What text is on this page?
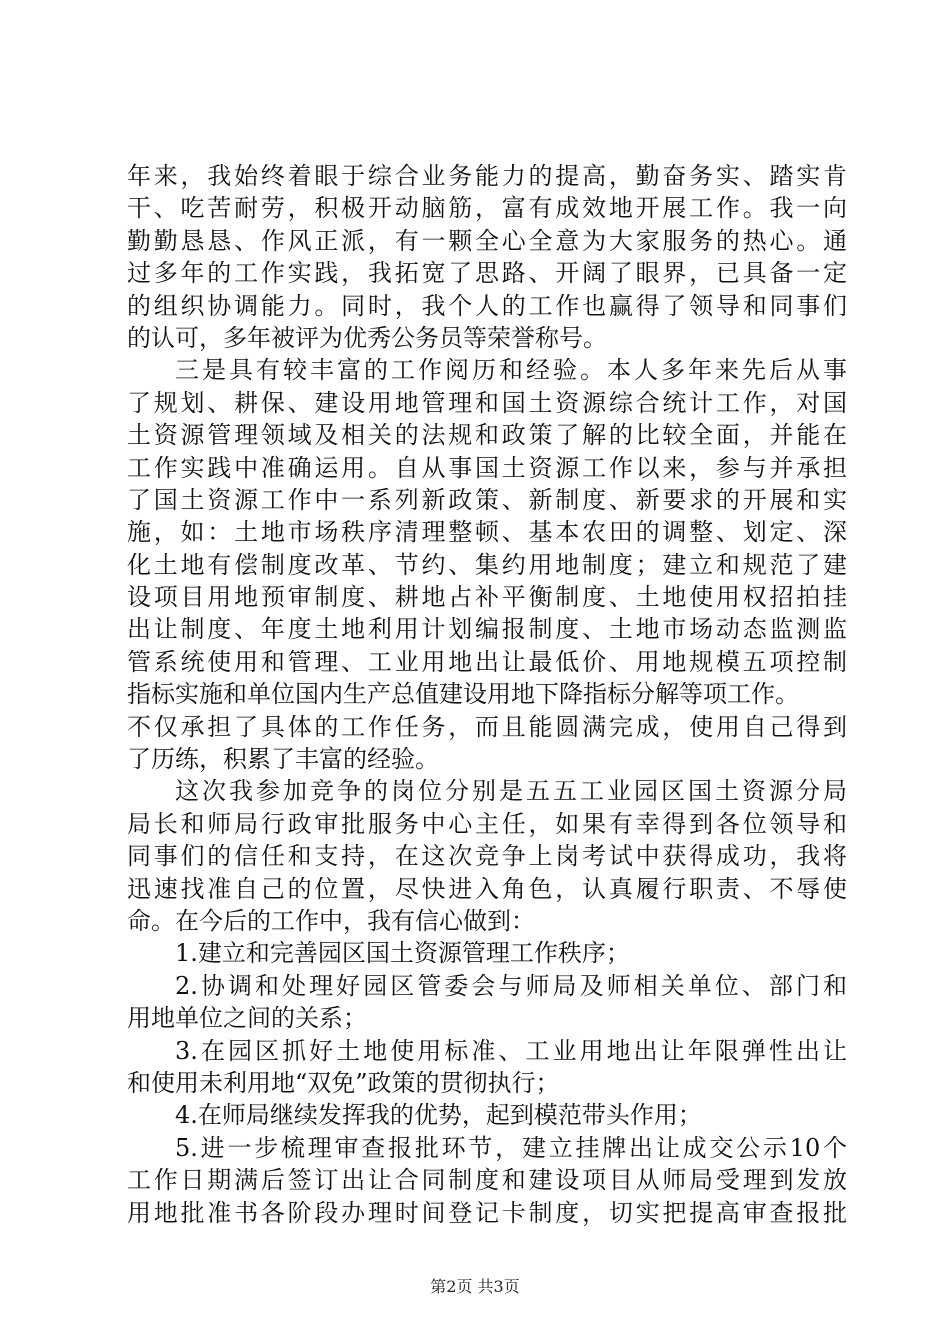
年来，我始终着眼于综合业务能力的提高，勤奋务实、踏实肯
干、吃苦耐劳，积极开动脑筋，富有成效地开展工作。我一向
勤勤恳恳、作风正派，有一颗全心全意为大家服务的热心。通
过多年的工作实践，我拓宽了思路、开阔了眼界，已具备一定
的组织协调能力。同时，我个人的工作也赢得了领导和同事们
的认可，多年被评为优秀公务员等荣誉称号。
三是具有较丰富的工作阅历和经验。本人多年来先后从事
了规划、耕保、建设用地管理和国土资源综合统计工作，对国
土资源管理领域及相关的法规和政策了解的比较全面，并能在
工作实践中准确运用。自从事国土资源工作以来，参与并承担
了国土资源工作中一系列新政策、新制度、新要求的开展和实
施，如：土地市场秩序清理整顿、基本农田的调整、划定、深
化土地有偿制度改革、节约、集约用地制度；建立和规范了建
设项目用地预审制度、耕地占补平衡制度、土地使用权招拍挂
出让制度、年度土地利用计划编报制度、土地市场动态监测监
管系统使用和管理、工业用地出让最低价、用地规模五项控制
指标实施和单位国内生产总值建设用地下降指标分解等项工作。
不仅承担了具体的工作任务，而且能圆满完成，使用自己得到
了历练，积累了丰富的经验。
这次我参加竞争的岗位分别是五五工业园区国土资源分局
局长和师局行政审批服务中心主任，如果有幸得到各位领导和
同事们的信任和支持，在这次竞争上岗考试中获得成功，我将
迅速找准自己的位置，尽快进入角色，认真履行职责、不辱使
命。在今后的工作中，我有信心做到：
1.建立和完善园区国土资源管理工作秩序；
2.协调和处理好园区管委会与师局及师相关单位、部门和
用地单位之间的关系；
3.在园区抓好土地使用标准、工业用地出让年限弹性出让
和使用未利用地“双免”政策的贯彻执行；
4.在师局继续发挥我的优势，起到模范带头作用；
5.进一步梳理审查报批环节，建立挂牌出让成交公示10个
工作日期满后签订出让合同制度和建设项目从师局受理到发放
用地批准书各阶段办理时间登记卡制度，切实把提高审查报批
第2页 共3页
